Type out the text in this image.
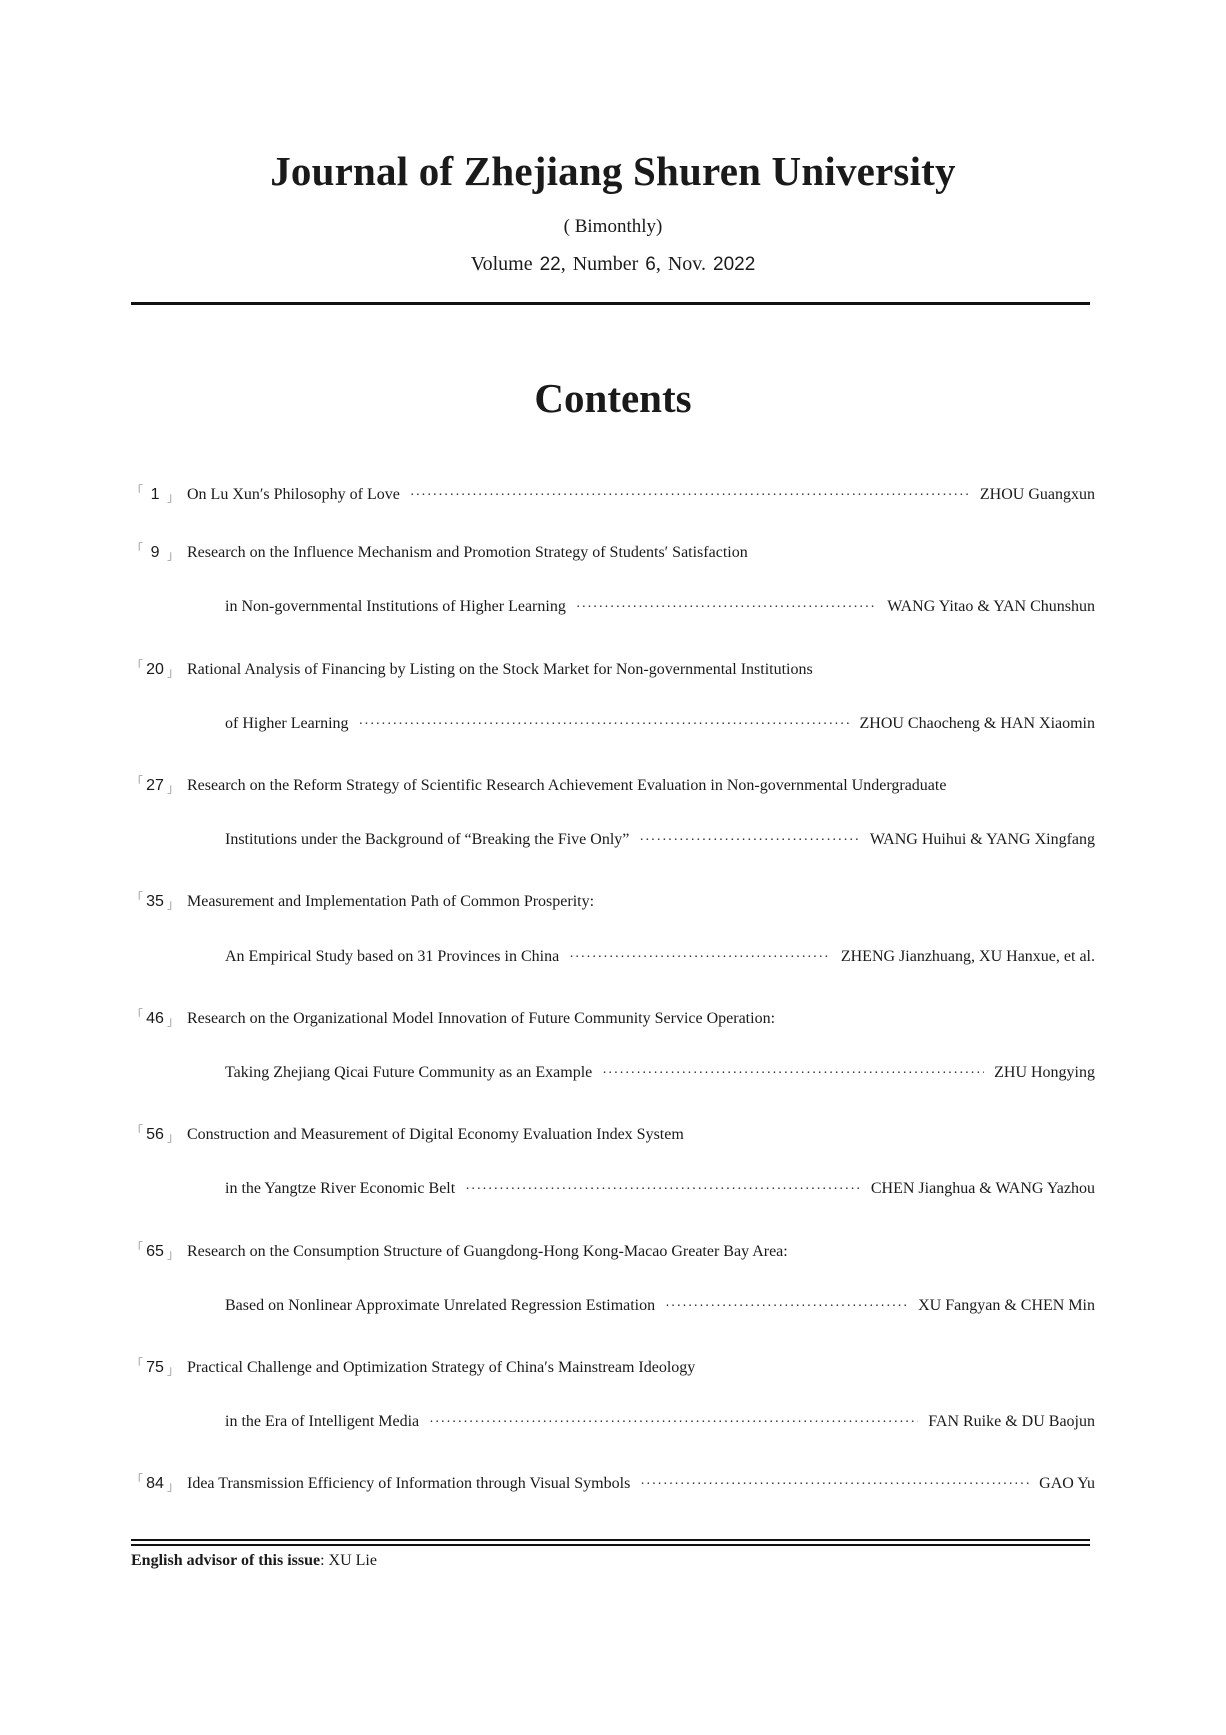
Journal of Zhejiang Shuren University
( Bimonthly)
Volume 22, Number 6, Nov. 2022
Contents
「 1 」 On Lu Xun′s Philosophy of Love ·····	ZHOU Guangxun
「 9 」 Research on the Influence Mechanism and Promotion Strategy of Students′ Satisfaction
in Non-governmental Institutions of Higher Learning ·····	WANG Yitao & YAN Chunshun
「 20 」 Rational Analysis of Financing by Listing on the Stock Market for Non-governmental Institutions
of Higher Learning ·····	ZHOU Chaocheng & HAN Xiaomin
「 27 」 Research on the Reform Strategy of Scientific Research Achievement Evaluation in Non-governmental Undergraduate
Institutions under the Background of “Breaking the Five Only” ·····	WANG Huihui & YANG Xingfang
「 35 」 Measurement and Implementation Path of Common Prosperity:
An Empirical Study based on 31 Provinces in China ·····	ZHENG Jianzhuang, XU Hanxue, et al.
「 46 」 Research on the Organizational Model Innovation of Future Community Service Operation:
Taking Zhejiang Qicai Future Community as an Example ·····	ZHU Hongying
「 56 」 Construction and Measurement of Digital Economy Evaluation Index System
in the Yangtze River Economic Belt ·····	CHEN Jianghua & WANG Yazhou
「 65 」 Research on the Consumption Structure of Guangdong-Hong Kong-Macao Greater Bay Area:
Based on Nonlinear Approximate Unrelated Regression Estimation ·····	XU Fangyan & CHEN Min
「 75 」 Practical Challenge and Optimization Strategy of China′s Mainstream Ideology
in the Era of Intelligent Media ·····	FAN Ruike & DU Baojun
「 84 」 Idea Transmission Efficiency of Information through Visual Symbols ·····	GAO Yu
English advisor of this issue: XU Lie
